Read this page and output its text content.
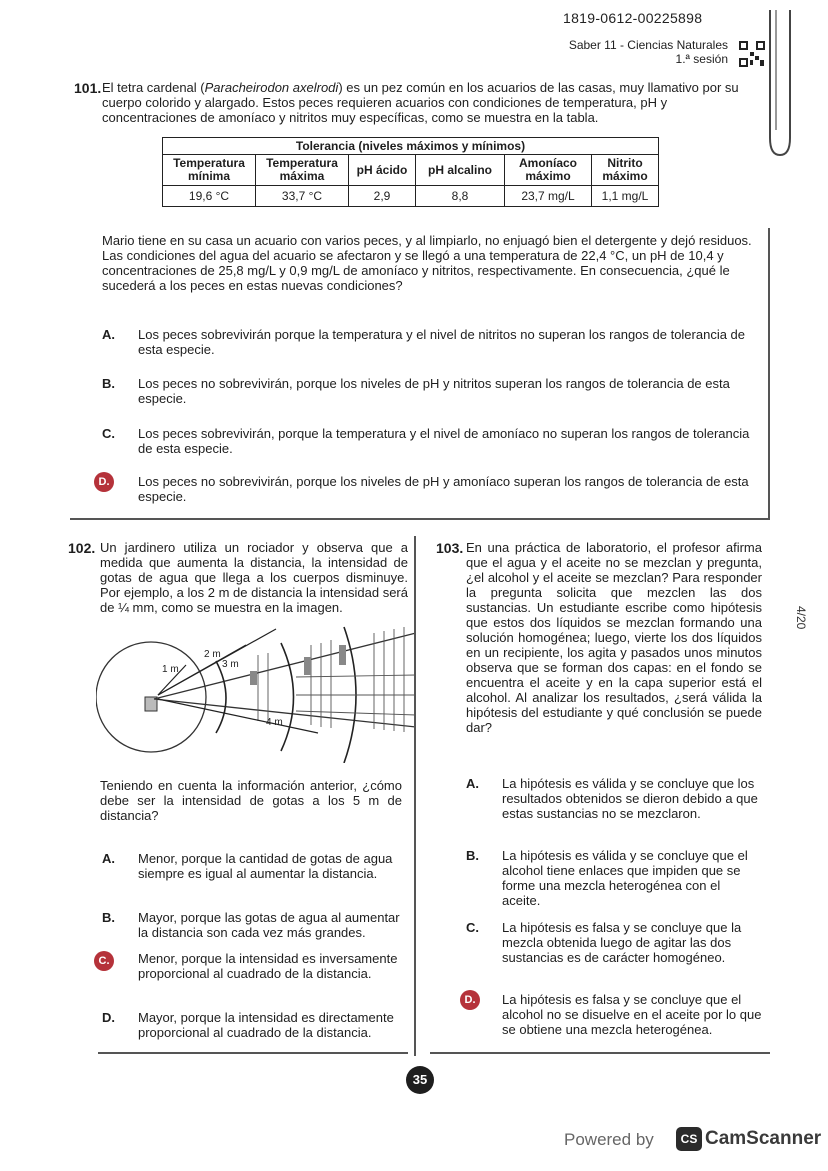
1819-0612-00225898
Saber 11 - Ciencias Naturales
1.ª sesión
101. El tetra cardenal (Paracheirodon axelrodi) es un pez común en los acuarios de las casas, muy llamativo por su cuerpo colorido y alargado. Estos peces requieren acuarios con condiciones de temperatura, pH y concentraciones de amoníaco y nitritos muy específicas, como se muestra en la tabla.
Tolerancia (niveles máximos y mínimos)					
Temperatura mínima	Temperatura máxima	pH ácido	pH alcalino	Amoníaco máximo	Nitrito máximo
19,6 °C	33,7 °C	2,9	8,8	23,7 mg/L	1,1 mg/L
Mario tiene en su casa un acuario con varios peces, y al limpiarlo, no enjuagó bien el detergente y dejó residuos. Las condiciones del agua del acuario se afectaron y se llegó a una temperatura de 22,4 °C, un pH de 10,4 y concentraciones de 25,8 mg/L y 0,9 mg/L de amoníaco y nitritos, respectivamente. En consecuencia, ¿qué le sucederá a los peces en estas nuevas condiciones?
A. Los peces sobrevivirán porque la temperatura y el nivel de nitritos no superan los rangos de tolerancia de esta especie.
B. Los peces no sobrevivirán, porque los niveles de pH y nitritos superan los rangos de tolerancia de esta especie.
C. Los peces sobrevivirán, porque la temperatura y el nivel de amoníaco no superan los rangos de tolerancia de esta especie.
D.	Los peces no sobrevivirán, porque los niveles de pH y amoníaco superan los rangos de tolerancia de esta especie.
102. Un jardinero utiliza un rociador y observa que a medida que aumenta la distancia, la intensidad de gotas de agua que llega a los cuerpos disminuye. Por ejemplo, a los 2 m de distancia la intensidad será de ¼ mm, como se muestra en la imagen.
1 m
2 m
3 m
4 m
Teniendo en cuenta la información anterior, ¿cómo debe ser la intensidad de gotas a los 5 m de distancia?
A. Menor, porque la cantidad de gotas de agua siempre es igual al aumentar la distancia.
B. Mayor, porque las gotas de agua al aumentar la distancia son cada vez más grandes.
C.	Menor, porque la intensidad es inversamente proporcional al cuadrado de la distancia.
D. Mayor, porque la intensidad es directamente proporcional al cuadrado de la distancia.
103. En una práctica de laboratorio, el profesor afirma que el agua y el aceite no se mezclan y pregunta, ¿el alcohol y el aceite se mezclan? Para responder la pregunta solicita que mezclen las dos sustancias. Un estudiante escribe como hipótesis que estos dos líquidos se mezclan formando una solución homogénea; luego, vierte los dos líquidos en un recipiente, los agita y pasados unos minutos observa que se forman dos capas: en el fondo se encuentra el aceite y en la capa superior está el alcohol. Al analizar los resultados, ¿será válida la hipótesis del estudiante y qué conclusión se puede dar?
A. La hipótesis es válida y se concluye que los resultados obtenidos se dieron debido a que estas sustancias no se mezclaron.
B. La hipótesis es válida y se concluye que el alcohol tiene enlaces que impiden que se forme una mezcla heterogénea con el aceite.
C. La hipótesis es falsa y se concluye que la mezcla obtenida luego de agitar las dos sustancias es de carácter homogéneo.
D.	La hipótesis es falsa y se concluye que el alcohol no se disuelve en el aceite por lo que se obtiene una mezcla heterogénea.
35
Powered by	CS CamScanner
4/20
